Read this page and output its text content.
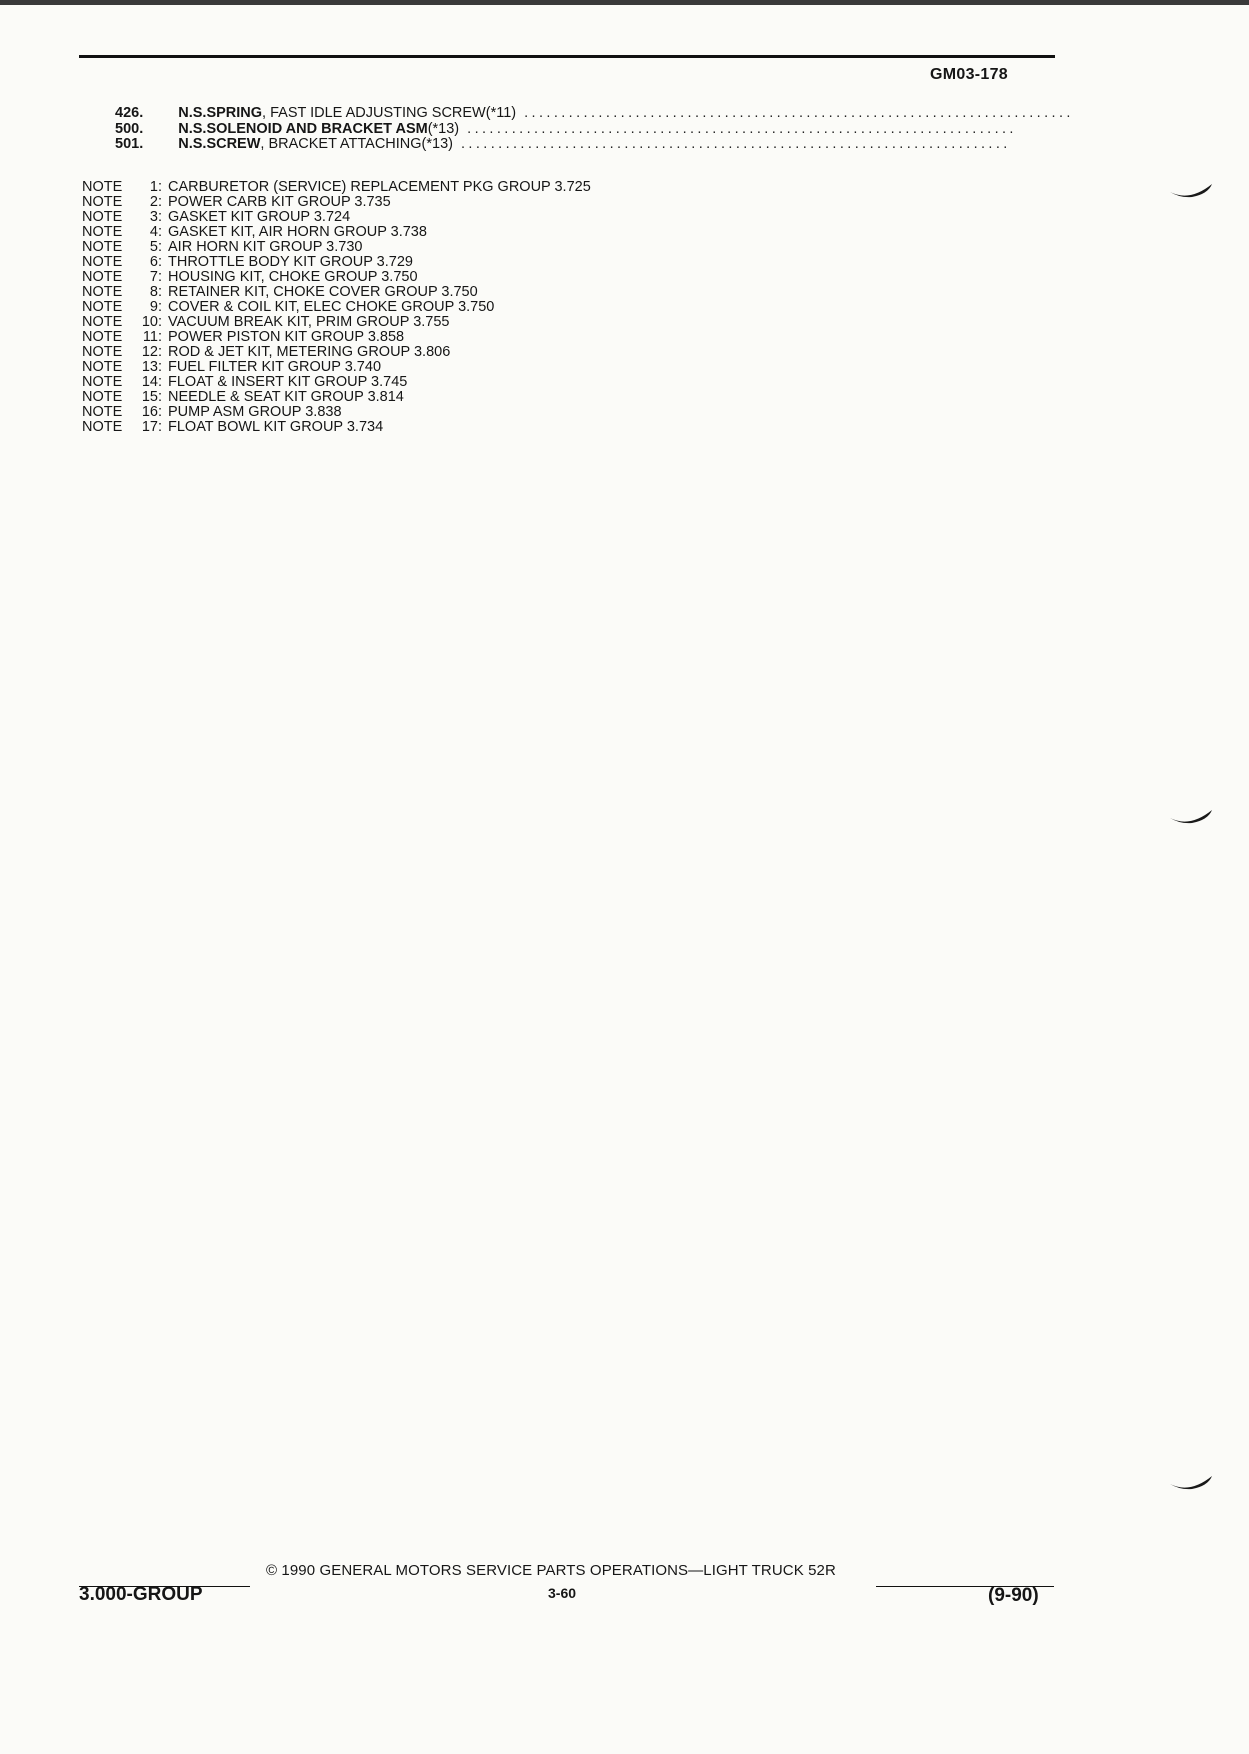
GM03-178
426. N.S. SPRING , FAST IDLE ADJUSTING SCREW(*11) ..........................................................................
500. N.S. SOLENOID AND BRACKET ASM (*13) ..........................................................................
501. N.S. SCREW , BRACKET ATTACHING(*13) ..........................................................................
NOTE 1: CARBURETOR (SERVICE) REPLACEMENT PKG GROUP 3.725
NOTE 2: POWER CARB KIT GROUP 3.735
NOTE 3: GASKET KIT GROUP 3.724
NOTE 4: GASKET KIT, AIR HORN GROUP 3.738
NOTE 5: AIR HORN KIT GROUP 3.730
NOTE 6: THROTTLE BODY KIT GROUP 3.729
NOTE 7: HOUSING KIT, CHOKE GROUP 3.750
NOTE 8: RETAINER KIT, CHOKE COVER GROUP 3.750
NOTE 9: COVER & COIL KIT, ELEC CHOKE GROUP 3.750
NOTE 10: VACUUM BREAK KIT, PRIM GROUP 3.755
NOTE 11: POWER PISTON KIT GROUP 3.858
NOTE 12: ROD & JET KIT, METERING GROUP 3.806
NOTE 13: FUEL FILTER KIT GROUP 3.740
NOTE 14: FLOAT & INSERT KIT GROUP 3.745
NOTE 15: NEEDLE & SEAT KIT GROUP 3.814
NOTE 16: PUMP ASM GROUP 3.838
NOTE 17: FLOAT BOWL KIT GROUP 3.734
© 1990 GENERAL MOTORS SERVICE PARTS OPERATIONS—LIGHT TRUCK 52R
3.000-GROUP	3-60	(9-90)
